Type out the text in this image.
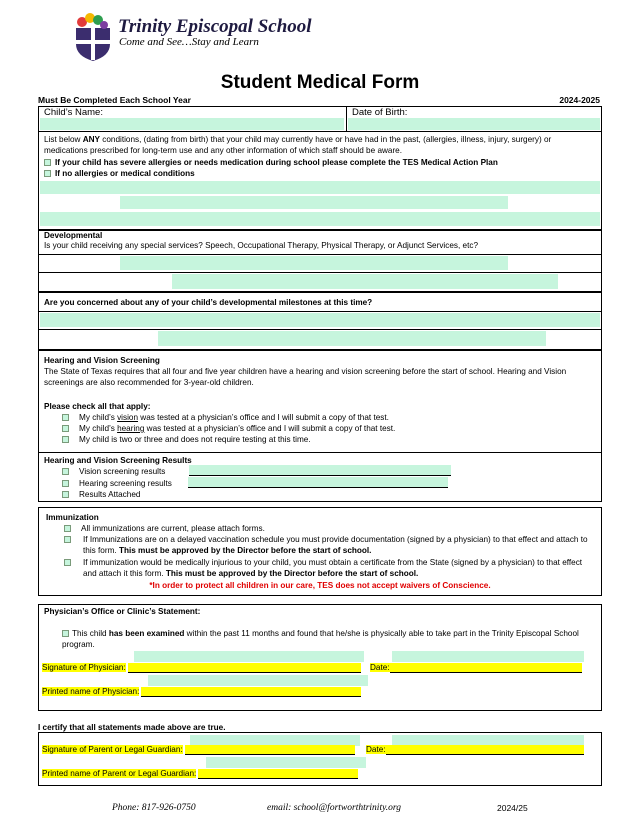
Trinity Episcopal School
Come and See…Stay and Learn
Student Medical Form
Must Be Completed Each School Year	2024-2025
Child’s Name:	Date of Birth:
List below ANY conditions, (dating from birth) that your child may currently have or have had in the past, (allergies, illness, injury, surgery) or medications prescribed for long-term use and any other information of which staff should be aware.
If your child has severe allergies or needs medication during school please complete the TES Medical Action Plan
If no allergies or medical conditions
Developmental
Is your child receiving any special services? Speech, Occupational Therapy, Physical Therapy, or Adjunct Services, etc?
Are you concerned about any of your child’s developmental milestones at this time?
Hearing and Vision Screening
The State of Texas requires that all four and five year children have a hearing and vision screening before the start of school. Hearing and Vision screenings are also recommended for 3-year-old children.
Please check all that apply:
My child’s vision was tested at a physician’s office and I will submit a copy of that test.
My child’s hearing was tested at a physician’s office and I will submit a copy of that test.
My child is two or three and does not require testing at this time.
Hearing and Vision Screening Results
Vision screening results
Hearing screening results
Results Attached
Immunization
All immunizations are current, please attach forms.
If Immunizations are on a delayed vaccination schedule you must provide documentation (signed by a physician) to that effect and attach to this form. This must be approved by the Director before the start of school.
If immunization would be medically injurious to your child, you must obtain a certificate from the State (signed by a physician) to that effect and attach it this form. This must be approved by the Director before the start of school.
*In order to protect all children in our care, TES does not accept waivers of Conscience.
Physician’s Office or Clinic’s Statement:
This child has been examined within the past 11 months and found that he/she is physically able to take part in the Trinity Episcopal School program.
Signature of Physician:	Date:
Printed name of Physician:
I certify that all statements made above are true.
Signature of Parent or Legal Guardian:	Date:
Printed name of Parent or Legal Guardian:
Phone: 817-926-0750	email: school@fortworthtrinity.org	2024/25
